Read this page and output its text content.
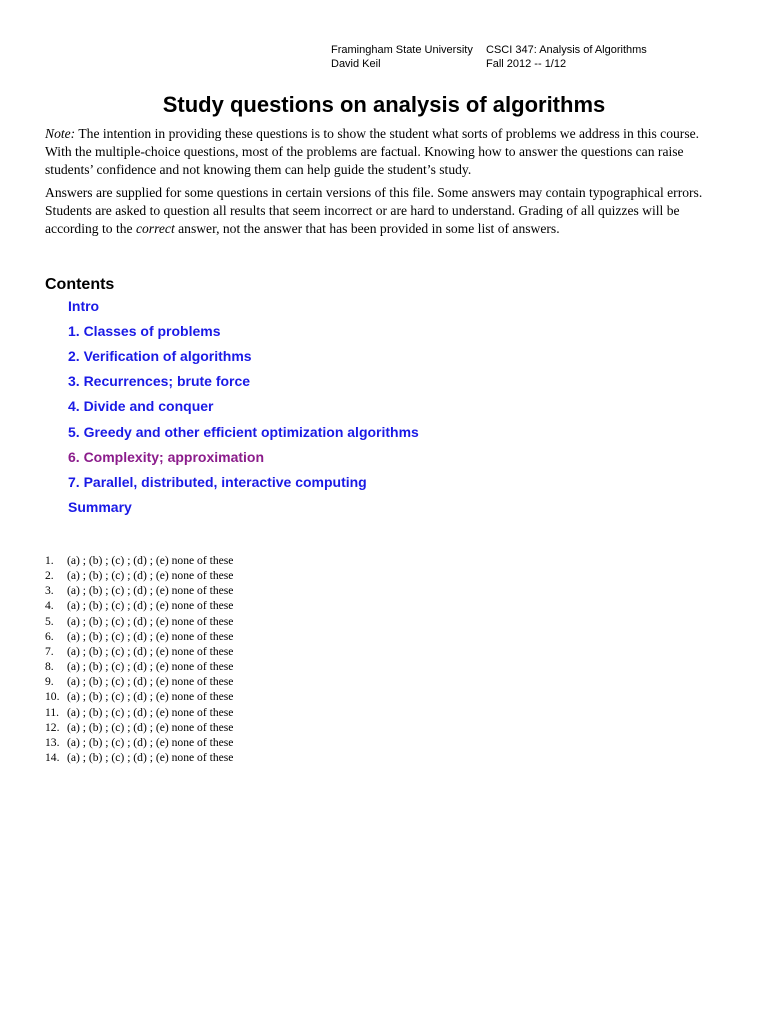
Framingham State University CSCI 347: Analysis of Algorithms
David Keil	Fall 2012 -- 1/12
Study questions on analysis of algorithms

Note: The intention in providing these questions is to show the student what sorts of problems we address in this course. With the multiple-choice questions, most of the problems are factual. Knowing how to answer the questions can raise students’ confidence and not knowing them can help guide the student’s study.

Answers are supplied for some questions in certain versions of this file. Some answers may contain typographical errors. Students are asked to question all results that seem incorrect or are hard to understand. Grading of all quizzes will be according to the correct answer, not the answer that has been provided in some list of answers.

Contents
Intro
1. Classes of problems
2. Verification of algorithms
3. Recurrences; brute force
4. Divide and conquer
5. Greedy and other efficient optimization algorithms
6. Complexity; approximation
7. Parallel, distributed, interactive computing
Summary
1. (a) ; (b) ; (c) ; (d) ; (e) none of these
2. (a) ; (b) ; (c) ; (d) ; (e) none of these
3. (a) ; (b) ; (c) ; (d) ; (e) none of these
4. (a) ; (b) ; (c) ; (d) ; (e) none of these
5. (a) ; (b) ; (c) ; (d) ; (e) none of these
6. (a) ; (b) ; (c) ; (d) ; (e) none of these
7. (a) ; (b) ; (c) ; (d) ; (e) none of these
8. (a) ; (b) ; (c) ; (d) ; (e) none of these
9. (a) ; (b) ; (c) ; (d) ; (e) none of these
10. (a) ; (b) ; (c) ; (d) ; (e) none of these
11. (a) ; (b) ; (c) ; (d) ; (e) none of these
12. (a) ; (b) ; (c) ; (d) ; (e) none of these
13. (a) ; (b) ; (c) ; (d) ; (e) none of these
14. (a) ; (b) ; (c) ; (d) ; (e) none of these
